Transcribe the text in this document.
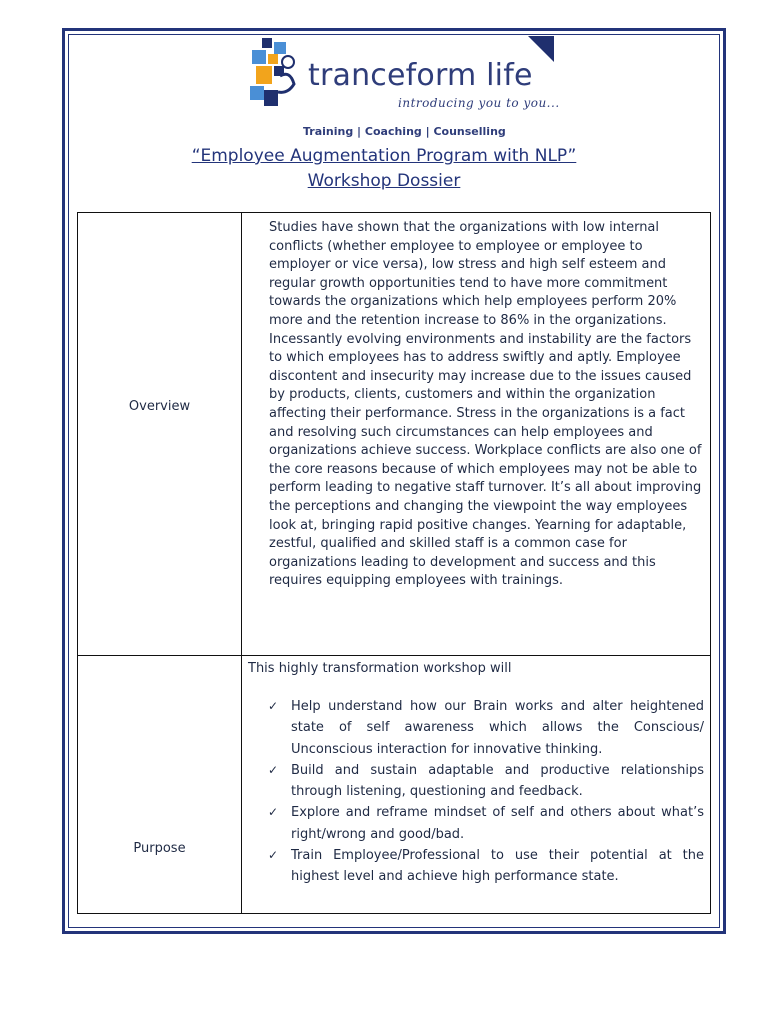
tranceform life
introducing you to you...
Training | Coaching | Counselling
“Employee Augmentation Program with NLP”
Workshop Dossier
Overview
Studies have shown that the organizations with low internal conflicts (whether employee to employee or employee to employer or vice versa), low stress and high self esteem and regular growth opportunities tend to have more commitment towards the organizations which help employees perform 20% more and the retention increase to 86% in the organizations. Incessantly evolving environments and instability are the factors to which employees has to address swiftly and aptly. Employee discontent and insecurity may increase due to the issues caused by products, clients, customers and within the organization affecting their performance. Stress in the organizations is a fact and resolving such circumstances can help employees and organizations achieve success. Workplace conflicts are also one of the core reasons because of which employees may not be able to perform leading to negative staff turnover. It’s all about improving the perceptions and changing the viewpoint the way employees look at, bringing rapid positive changes. Yearning for adaptable, zestful, qualified and skilled staff is a common case for organizations leading to development and success and this requires equipping employees with trainings.
Purpose
This highly transformation workshop will
✓ Help understand how our Brain works and alter heightened state of self awareness which allows the Conscious/ Unconscious interaction for innovative thinking.
✓ Build and sustain adaptable and productive relationships through listening, questioning and feedback.
✓ Explore and reframe mindset of self and others about what’s right/wrong and good/bad.
✓ Train Employee/Professional to use their potential at the highest level and achieve high performance state.
